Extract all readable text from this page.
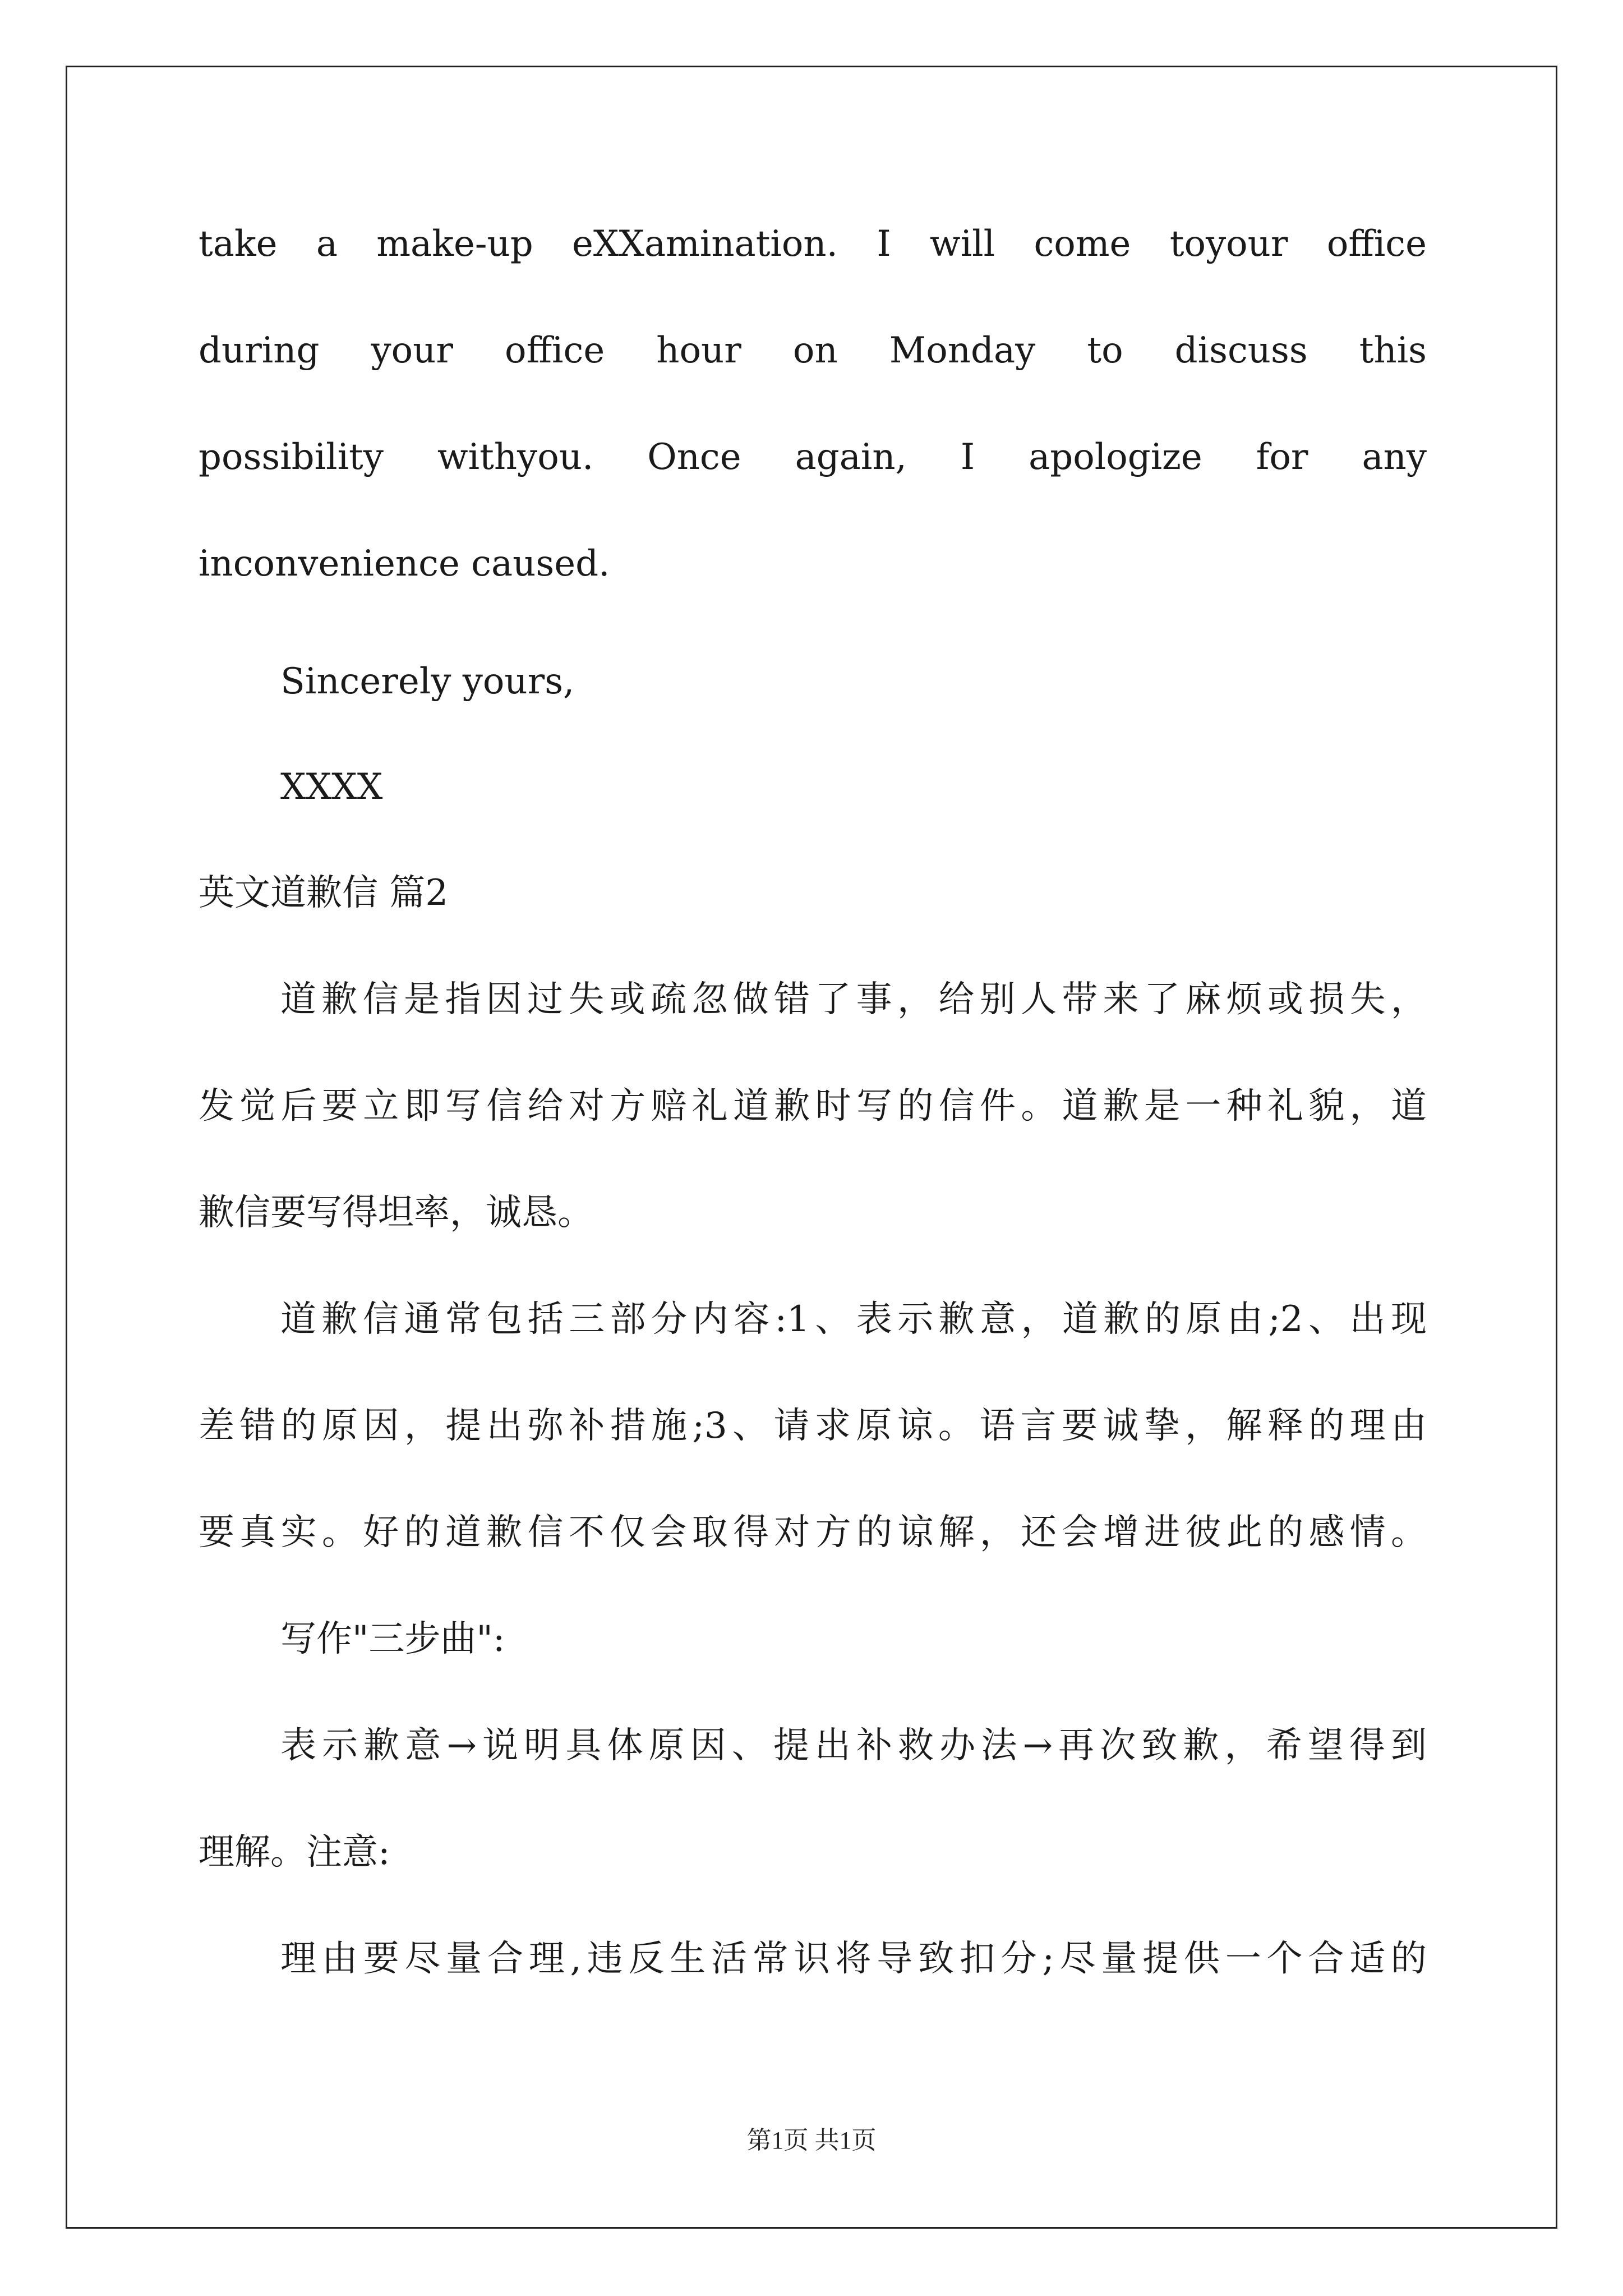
take a make-up eXXamination. I will come toyour office
during your office hour on Monday to discuss this
possibility withyou. Once again, I apologize for any
inconvenience caused.
Sincerely yours,
XXXX
英文道歉信 篇2
道歉信是指因过失或疏忽做错了事，给别人带来了麻烦或损失，
发觉后要立即写信给对方赔礼道歉时写的信件。道歉是一种礼貌，道
歉信要写得坦率，诚恳。
道歉信通常包括三部分内容:1、表示歉意，道歉的原由;2、出现
差错的原因，提出弥补措施;3、请求原谅。语言要诚挚，解释的理由
要真实。好的道歉信不仅会取得对方的谅解，还会增进彼此的感情。
写作"三步曲":
表示歉意→说明具体原因、提出补救办法→再次致歉，希望得到
理解。注意:
理由要尽量合理,违反生活常识将导致扣分;尽量提供一个合适的
第1页 共1页
